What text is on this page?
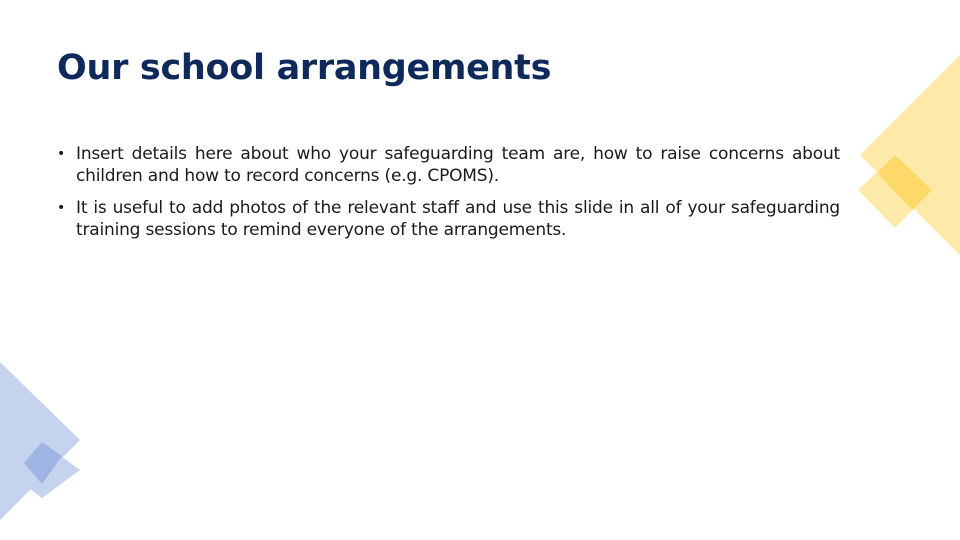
Our school arrangements
• Insert details here about who your safeguarding team are, how to raise concerns about children and how to record concerns (e.g. CPOMS).
• It is useful to add photos of the relevant staff and use this slide in all of your safeguarding training sessions to remind everyone of the arrangements.
